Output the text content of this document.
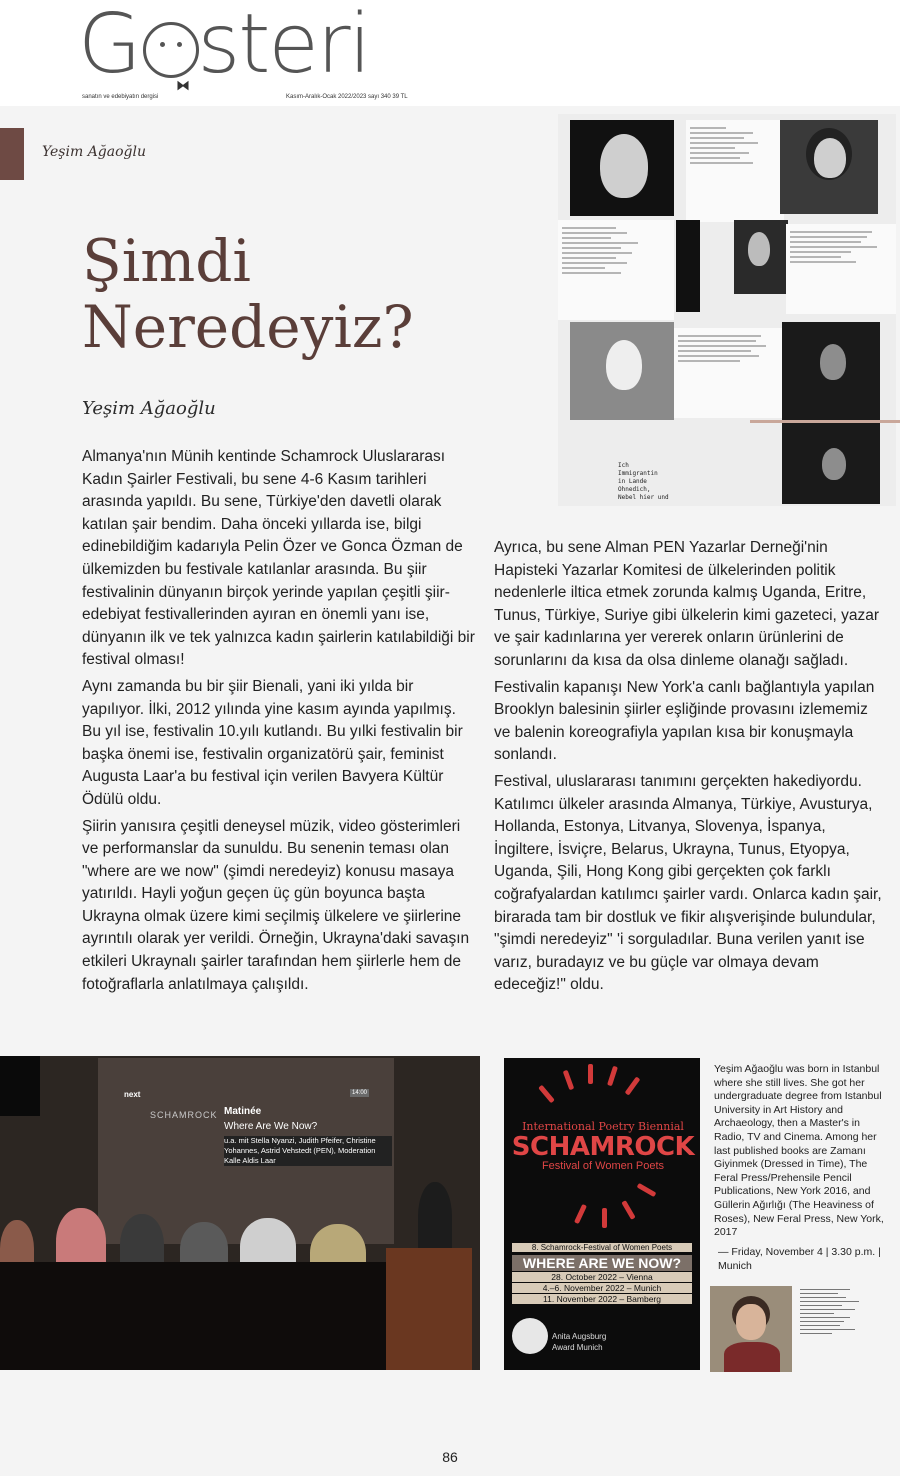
G steri
⧓
sanatın ve edebiyatın dergisi	Kasım-Aralık-Ocak 2022/2023 sayı 340 39 TL
Yeşim Ağaoğlu
Şimdi
Neredeyiz?
Yeşim Ağaoğlu

Almanya'nın Münih kentinde Schamrock Uluslararası Kadın Şairler Festivali, bu sene 4-6 Kasım tarihleri arasında yapıldı. Bu sene, Türkiye'den davetli olarak katılan şair bendim. Daha önceki yıllarda ise, bilgi edinebildiğim kadarıyla Pelin Özer ve Gonca Özman de ülkemizden bu festivale katılanlar arasında. Bu şiir festivalinin dünyanın birçok yerinde yapılan çeşitli şiir-edebiyat festivallerinden ayıran en önemli yanı ise, dünyanın ilk ve tek yalnızca kadın şairlerin katılabildiği bir festival olması!

Aynı zamanda bu bir şiir Bienali, yani iki yılda bir yapılıyor. İlki, 2012 yılında yine kasım ayında yapılmış. Bu yıl ise, festivalin 10.yılı kutlandı. Bu yılki festivalin bir başka önemi ise, festivalin organizatörü şair, feminist Augusta Laar'a bu festival için verilen Bavyera Kültür Ödülü oldu.

Şiirin yanısıra çeşitli deneysel müzik, video gösterimleri ve performanslar da sunuldu. Bu senenin teması olan "where are we now" (şimdi neredeyiz) konusu masaya yatırıldı. Hayli yoğun geçen üç gün boyunca başta Ukrayna olmak üzere kimi seçilmiş ülkelere ve şiirlerine ayrıntılı olarak yer verildi. Örneğin, Ukrayna'daki savaşın etkileri Ukraynalı şairler tarafından hem şiirlerle hem de fotoğraflarla anlatılmaya çalışıldı.

Ayrıca, bu sene Alman PEN Yazarlar Derneği'nin Hapisteki Yazarlar Komitesi de ülkelerinden politik nedenlerle iltica etmek zorunda kalmış Uganda, Eritre, Tunus, Türkiye, Suriye gibi ülkelerin kimi gazeteci, yazar ve şair kadınlarına yer vererek onların ürünlerini de sorunlarını da kısa da olsa dinleme olanağı sağladı.

Festivalin kapanışı New York'a canlı bağlantıyla yapılan Brooklyn balesinin şiirler eşliğinde provasını izlememiz ve balenin koreografiyla yapılan kısa bir konuşmayla sonlandı.

Festival, uluslararası tanımını gerçekten hakediyordu. Katılımcı ülkeler arasında Almanya, Türkiye, Avusturya, Hollanda, Estonya, Litvanya, Slovenya, İspanya, İngiltere, İsviçre, Belarus, Ukrayna, Tunus, Etyopya, Uganda, Şili, Hong Kong gibi gerçekten çok farklı coğrafyalardan katılımcı şairler vardı. Onlarca kadın şair, birarada tam bir dostluk ve fikir alışverişinde bulundular, "şimdi neredeyiz" 'i sorguladılar. Buna verilen yanıt ise varız, buradayız ve bu güçle var olmaya devam edeceğiz!" oldu.

Ich
Immigrantin
in Lande
Ohnedich,
Nebel hier und
SCHAMROCK
next	14:00
Matinée
Where Are We Now?
u.a. mit Stella Nyanzi, Judith Pfeifer, Christine Yohannes, Astrid Vehstedt (PEN), Moderation Kalle Aldis Laar
International Poetry Biennial
SCHAMROCK
Festival of Women Poets
8. Schamrock-Festival of Women Poets
WHERE ARE WE NOW?
28. October 2022 – Vienna
4.–6. November 2022 – Munich
11. November 2022 – Bamberg
Anita Augsburg
Award Munich
Yeşim Ağaoğlu was born in Istanbul where she still lives. She got her undergraduate degree from Istanbul University in Art History and Archaeology, then a Master's in Radio, TV and Cinema. Among her last published books are Zamanı Giyinmek (Dressed in Time), The Feral Press/Prehensile Pencil Publications, New York 2016, and Güllerin Ağırlığı (The Heaviness of Roses), New Feral Press, New York, 2017
— Friday, November 4 | 3.30 p.m. | Munich
86
